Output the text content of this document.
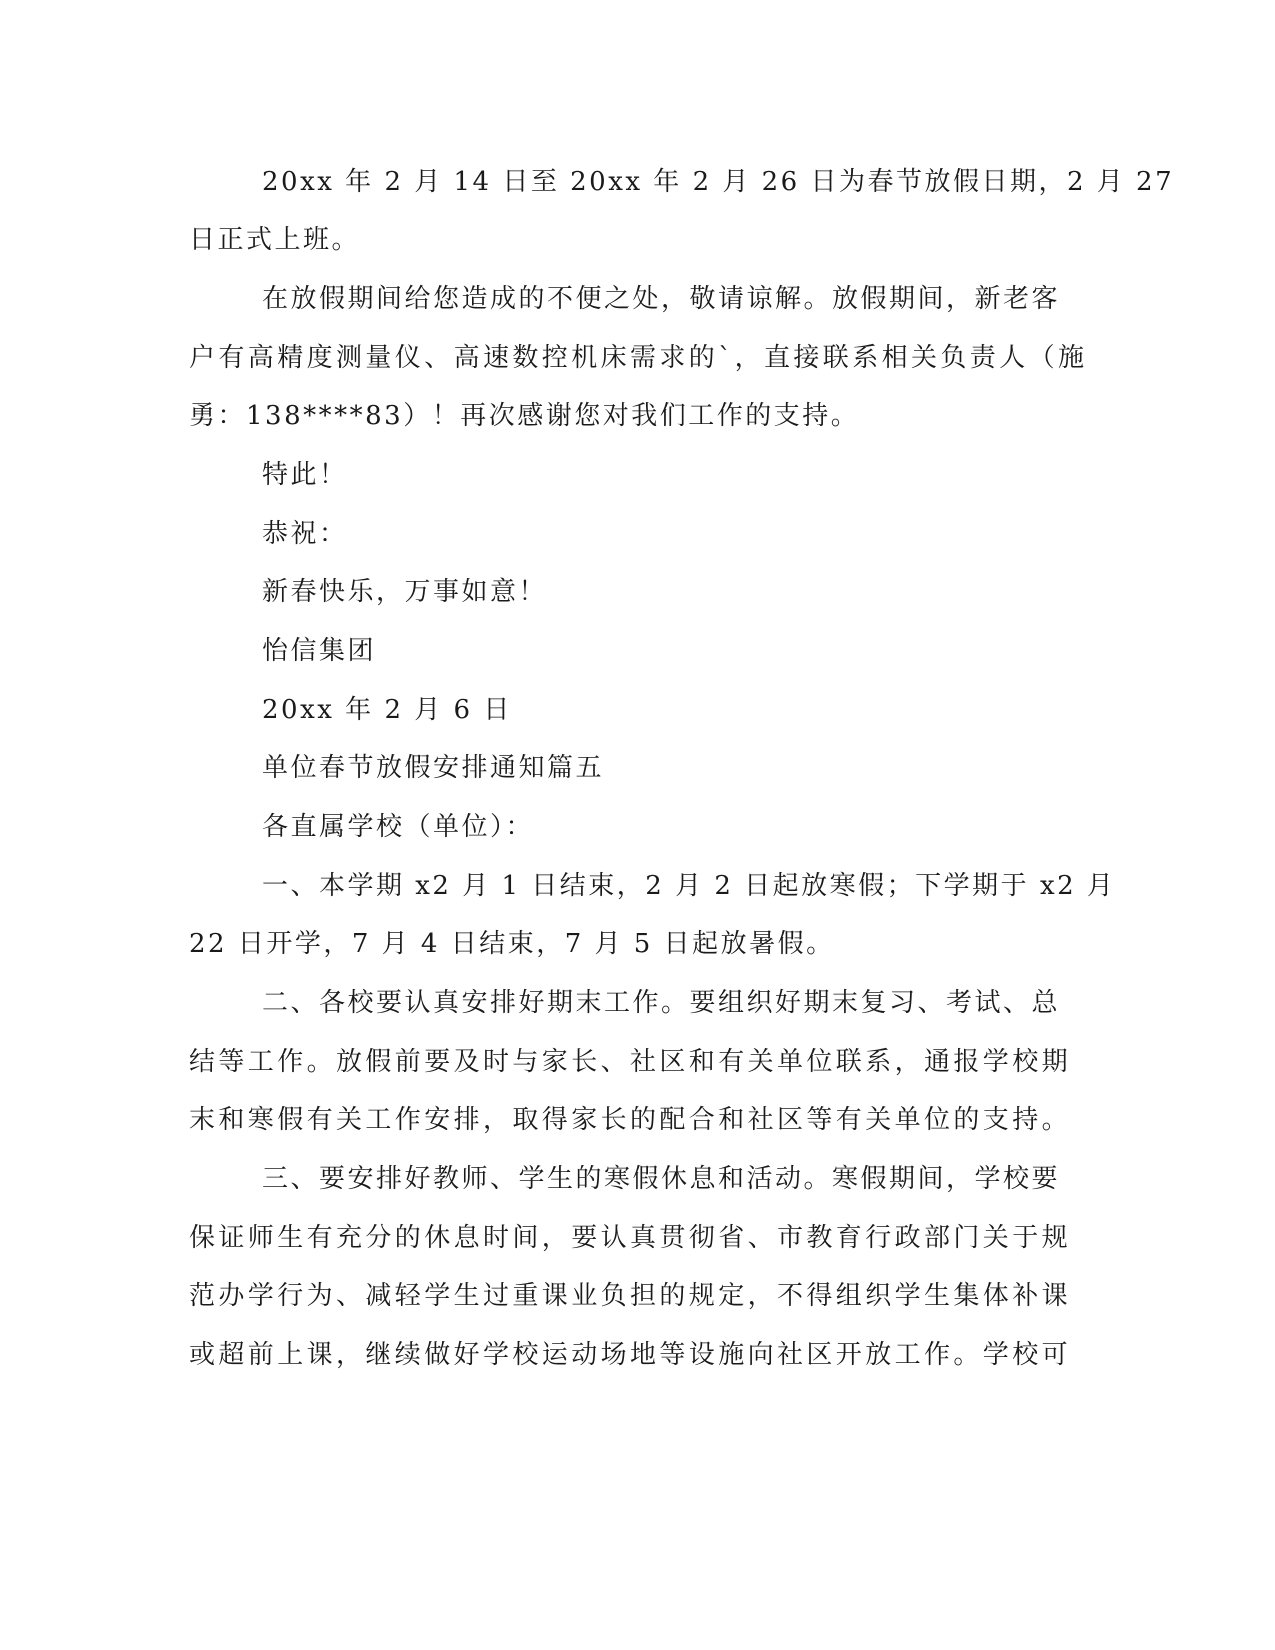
20xx 年 2 月 14 日至 20xx 年 2 月 26 日为春节放假日期，2 月 27
日正式上班。
在放假期间给您造成的不便之处，敬请谅解。放假期间，新老客
户有高精度测量仪、高速数控机床需求的`，直接联系相关负责人（施
勇：138****83）！再次感谢您对我们工作的支持。
特此！
恭祝：
新春快乐，万事如意！
怡信集团
20xx 年 2 月 6 日
单位春节放假安排通知篇五
各直属学校（单位）：
一、本学期 x2 月 1 日结束，2 月 2 日起放寒假；下学期于 x2 月
22 日开学，7 月 4 日结束，7 月 5 日起放暑假。
二、各校要认真安排好期末工作。要组织好期末复习、考试、总
结等工作。放假前要及时与家长、社区和有关单位联系，通报学校期
末和寒假有关工作安排，取得家长的配合和社区等有关单位的支持。
三、要安排好教师、学生的寒假休息和活动。寒假期间，学校要
保证师生有充分的休息时间，要认真贯彻省、市教育行政部门关于规
范办学行为、减轻学生过重课业负担的规定，不得组织学生集体补课
或超前上课，继续做好学校运动场地等设施向社区开放工作。学校可
